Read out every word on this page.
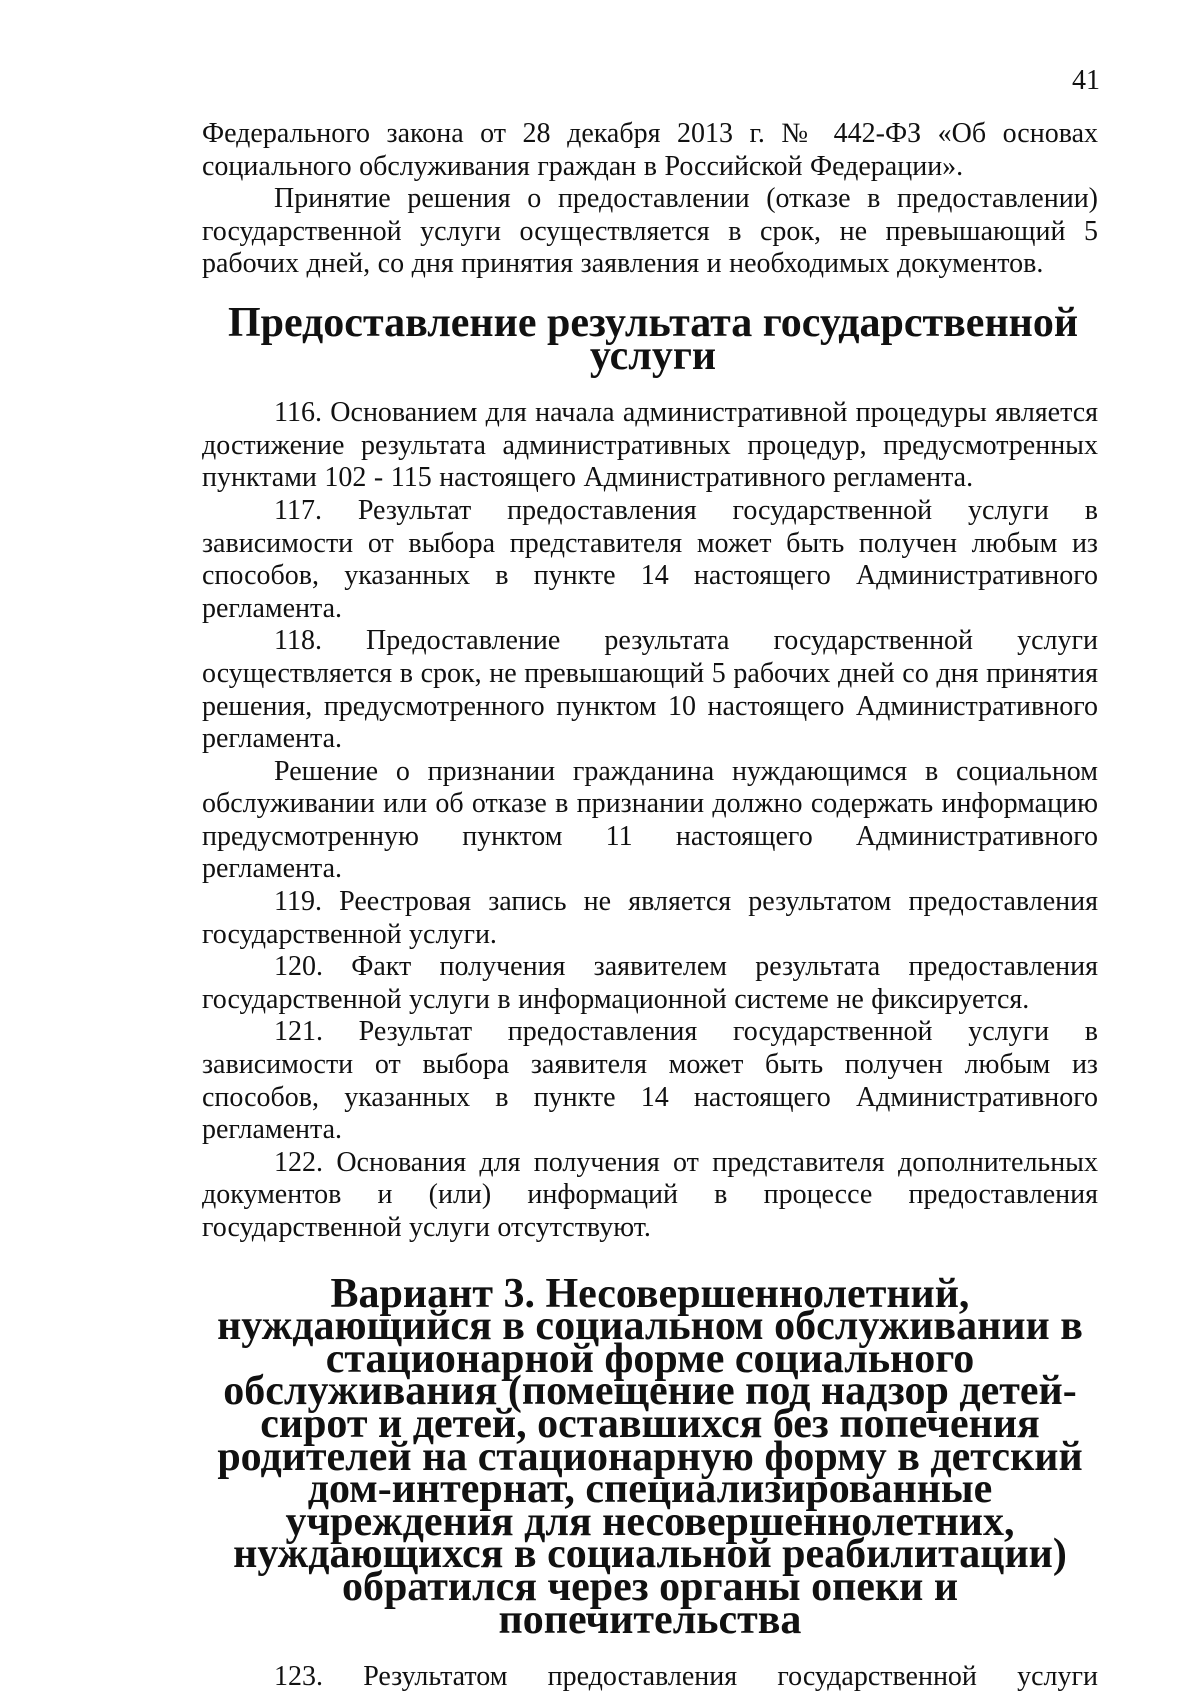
41

Федерального закона от 28 декабря 2013 г. № 442-ФЗ «Об основах социального обслуживания граждан в Российской Федерации».

Принятие решения о предоставлении (отказе в предоставлении) государственной услуги осуществляется в срок, не превышающий 5 рабочих дней, со дня принятия заявления и необходимых документов.

Предоставление результата государственной услуги

116. Основанием для начала административной процедуры является достижение результата административных процедур, предусмотренных пунктами 102 - 115 настоящего Административного регламента.

117. Результат предоставления государственной услуги в зависимости от выбора представителя может быть получен любым из способов, указанных в пункте 14 настоящего Административного регламента.

118. Предоставление результата государственной услуги осуществляется в срок, не превышающий 5 рабочих дней со дня принятия решения, предусмотренного пунктом 10 настоящего Административного регламента.

Решение о признании гражданина нуждающимся в социальном обслуживании или об отказе в признании должно содержать информацию предусмотренную пунктом 11 настоящего Административного регламента.

119. Реестровая запись не является результатом предоставления государственной услуги.

120. Факт получения заявителем результата предоставления государственной услуги в информационной системе не фиксируется.

121. Результат предоставления государственной услуги в зависимости от выбора заявителя может быть получен любым из способов, указанных в пункте 14 настоящего Административного регламента.

122. Основания для получения от представителя дополнительных документов и (или) информаций в процессе предоставления государственной услуги отсутствуют.

Вариант 3. Несовершеннолетний, нуждающийся в социальном обслуживании в стационарной форме социального обслуживания (помещение под надзор детей-сирот и детей, оставшихся без попечения родителей на стационарную форму в детский дом-интернат, специализированные учреждения для несовершеннолетних, нуждающихся в социальной реабилитации) обратился через органы опеки и попечительства

123. Результатом предоставления государственной услуги
